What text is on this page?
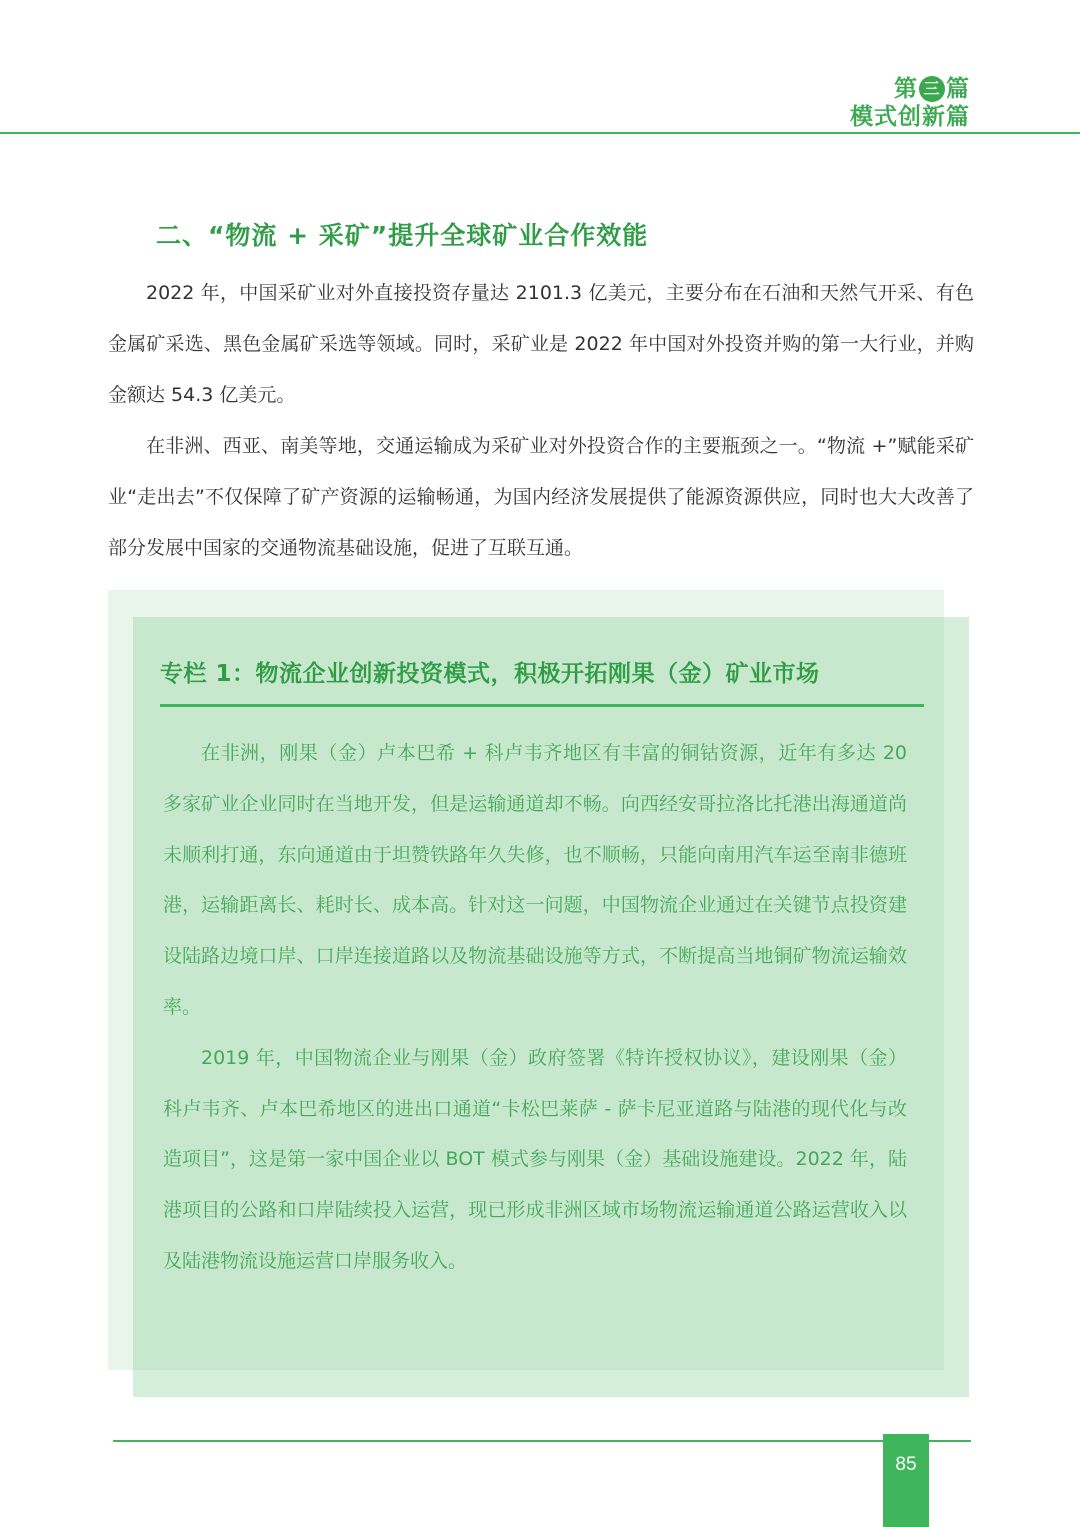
第 三 篇
模式创新篇
二、“物流 + 采矿”提升全球矿业合作效能

2022 年，中国采矿业对外直接投资存量达 2101.3 亿美元，主要分布在石油和天然气开采、有色金属矿采选、黑色金属矿采选等领域。同时，采矿业是 2022 年中国对外投资并购的第一大行业，并购金额达 54.3 亿美元。

在非洲、西亚、南美等地，交通运输成为采矿业对外投资合作的主要瓶颈之一。“物流 +”赋能采矿业“走出去”不仅保障了矿产资源的运输畅通，为国内经济发展提供了能源资源供应，同时也大大改善了部分发展中国家的交通物流基础设施，促进了互联互通。

专栏 1：物流企业创新投资模式，积极开拓刚果（金）矿业市场

在非洲，刚果（金）卢本巴希 + 科卢韦齐地区有丰富的铜钴资源，近年有多达 20 多家矿业企业同时在当地开发，但是运输通道却不畅。向西经安哥拉洛比托港出海通道尚未顺利打通，东向通道由于坦赞铁路年久失修，也不顺畅，只能向南用汽车运至南非德班港，运输距离长、耗时长、成本高。针对这一问题，中国物流企业通过在关键节点投资建设陆路边境口岸、口岸连接道路以及物流基础设施等方式，不断提高当地铜矿物流运输效率。

2019 年，中国物流企业与刚果（金）政府签署《特许授权协议》，建设刚果（金）科卢韦齐、卢本巴希地区的进出口通道“卡松巴莱萨 - 萨卡尼亚道路与陆港的现代化与改造项目”，这是第一家中国企业以 BOT 模式参与刚果（金）基础设施建设。2022 年，陆港项目的公路和口岸陆续投入运营，现已形成非洲区域市场物流运输通道公路运营收入以及陆港物流设施运营口岸服务收入。

85
